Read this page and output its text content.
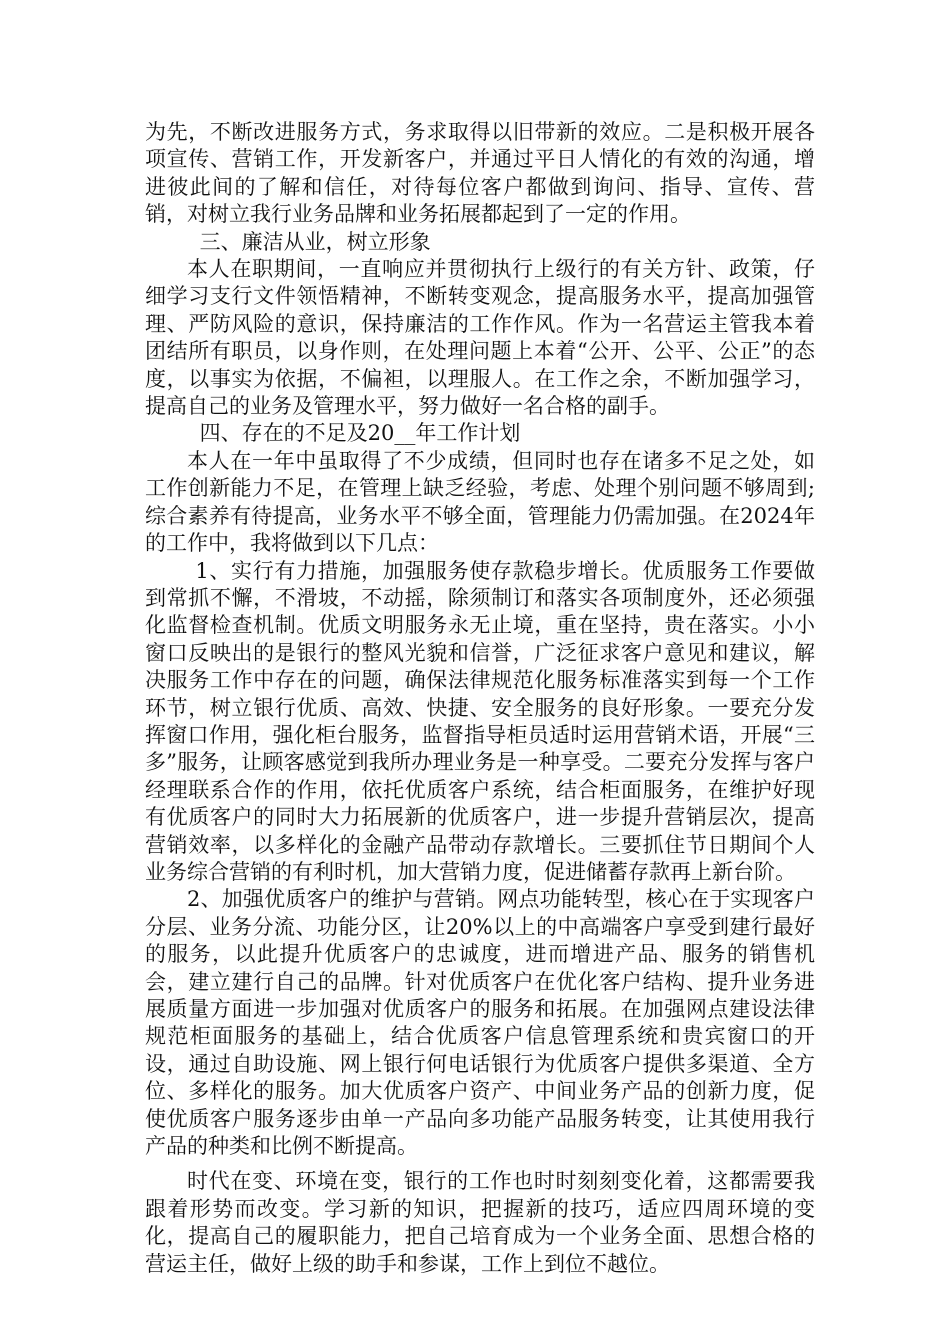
为先，不断改进服务方式，务求取得以旧带新的效应。二是积极开展各项宣传、营销工作，开发新客户，并通过平日人情化的有效的沟通，增进彼此间的了解和信任，对待每位客户都做到询问、指导、宣传、营销，对树立我行业务品牌和业务拓展都起到了一定的作用。

三、廉洁从业，树立形象

本人在职期间，一直响应并贯彻执行上级行的有关方针、政策，仔细学习支行文件领悟精神，不断转变观念，提高服务水平，提高加强管理、严防风险的意识，保持廉洁的工作作风。作为一名营运主管我本着团结所有职员，以身作则，在处理问题上本着“公开、公平、公正”的态度，以事实为依据，不偏袒，以理服人。在工作之余，不断加强学习，提高自己的业务及管理水平，努力做好一名合格的副手。

四、存在的不足及20__年工作计划

本人在一年中虽取得了不少成绩，但同时也存在诸多不足之处，如工作创新能力不足，在管理上缺乏经验，考虑、处理个别问题不够周到;综合素养有待提高，业务水平不够全面，管理能力仍需加强。在2024年的工作中，我将做到以下几点：

1、实行有力措施，加强服务使存款稳步增长。优质服务工作要做到常抓不懈，不滑坡，不动摇，除须制订和落实各项制度外，还必须强化监督检查机制。优质文明服务永无止境，重在坚持，贵在落实。小小窗口反映出的是银行的整风光貌和信誉，广泛征求客户意见和建议，解决服务工作中存在的问题，确保法律规范化服务标准落实到每一个工作环节，树立银行优质、高效、快捷、安全服务的良好形象。一要充分发挥窗口作用，强化柜台服务，监督指导柜员适时运用营销术语，开展“三多”服务，让顾客感觉到我所办理业务是一种享受。二要充分发挥与客户经理联系合作的作用，依托优质客户系统，结合柜面服务，在维护好现有优质客户的同时大力拓展新的优质客户，进一步提升营销层次，提高营销效率，以多样化的金融产品带动存款增长。三要抓住节日期间个人业务综合营销的有利时机，加大营销力度，促进储蓄存款再上新台阶。

2、加强优质客户的维护与营销。网点功能转型，核心在于实现客户分层、业务分流、功能分区，让20%以上的中高端客户享受到建行最好的服务，以此提升优质客户的忠诚度，进而增进产品、服务的销售机会，建立建行自己的品牌。针对优质客户在优化客户结构、提升业务进展质量方面进一步加强对优质客户的服务和拓展。在加强网点建设法律规范柜面服务的基础上，结合优质客户信息管理系统和贵宾窗口的开设，通过自助设施、网上银行何电话银行为优质客户提供多渠道、全方位、多样化的服务。加大优质客户资产、中间业务产品的创新力度，促使优质客户服务逐步由单一产品向多功能产品服务转变，让其使用我行产品的种类和比例不断提高。

时代在变、环境在变，银行的工作也时时刻刻变化着，这都需要我跟着形势而改变。学习新的知识，把握新的技巧，适应四周环境的变化，提高自己的履职能力，把自己培育成为一个业务全面、思想合格的营运主任，做好上级的助手和参谋，工作上到位不越位。
